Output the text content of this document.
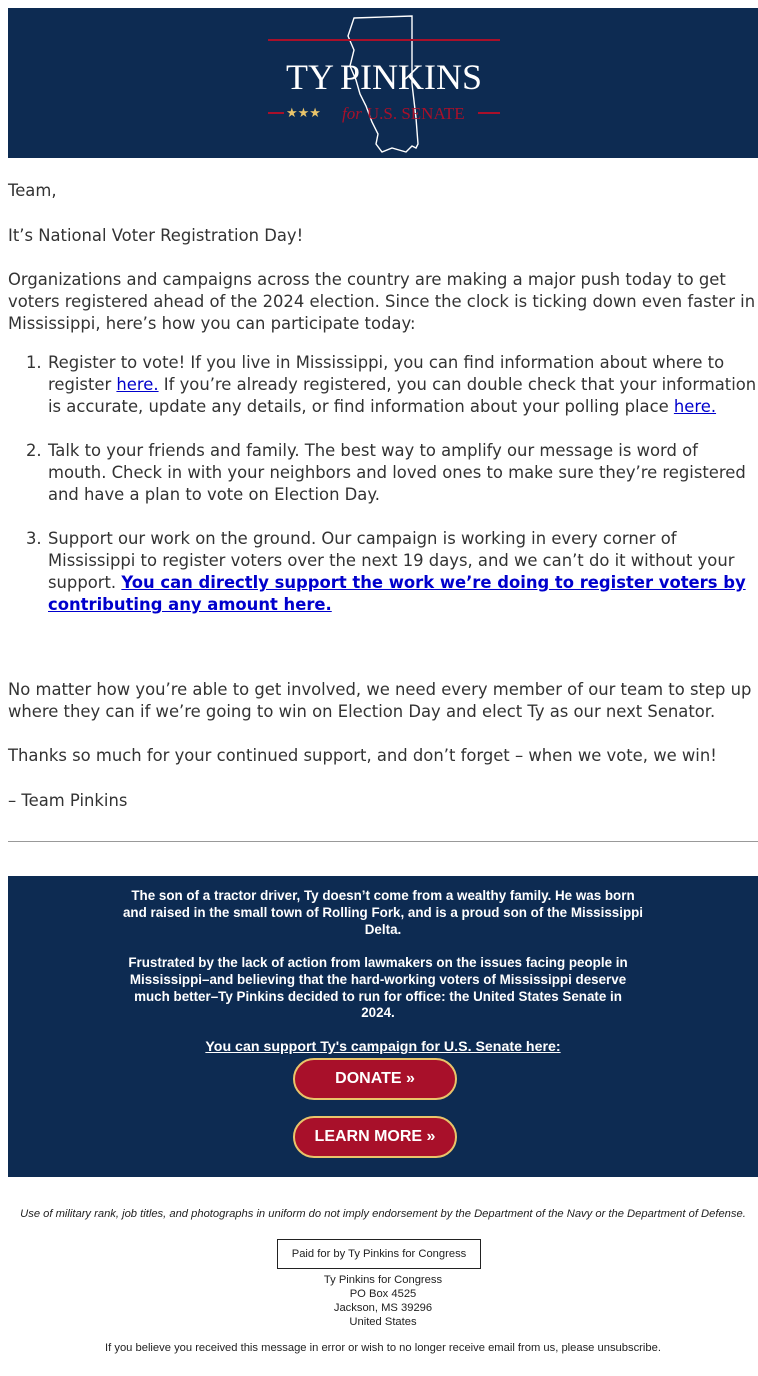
TY PINKINS
★★★ for U.S. SENATE

Team,

It’s National Voter Registration Day!

Organizations and campaigns across the country are making a major push today to get voters registered ahead of the 2024 election. Since the clock is ticking down even faster in Mississippi, here’s how you can participate today:

1. Register to vote! If you live in Mississippi, you can find information about where to register here. If you’re already registered, you can double check that your information is accurate, update any details, or find information about your polling place here.
2. Talk to your friends and family. The best way to amplify our message is word of mouth. Check in with your neighbors and loved ones to make sure they’re registered and have a plan to vote on Election Day.
3. Support our work on the ground. Our campaign is working in every corner of Mississippi to register voters over the next 19 days, and we can’t do it without your support. You can directly support the work we’re doing to register voters by contributing any amount here.

No matter how you’re able to get involved, we need every member of our team to step up where they can if we’re going to win on Election Day and elect Ty as our next Senator.

Thanks so much for your continued support, and don’t forget – when we vote, we win!

– Team Pinkins

The son of a tractor driver, Ty doesn’t come from a wealthy family. He was born and raised in the small town of Rolling Fork, and is a proud son of the Mississippi Delta.

Frustrated by the lack of action from lawmakers on the issues facing people in Mississippi–and believing that the hard-working voters of Mississippi deserve much better–Ty Pinkins decided to run for office: the United States Senate in 2024.

You can support Ty's campaign for U.S. Senate here:
DONATE »
LEARN MORE »
Use of military rank, job titles, and photographs in uniform do not imply endorsement by the Department of the Navy or the Department of Defense.
Paid for by Ty Pinkins for Congress
Ty Pinkins for Congress
PO Box 4525
Jackson, MS 39296
United States
If you believe you received this message in error or wish to no longer receive email from us, please unsubscribe.
